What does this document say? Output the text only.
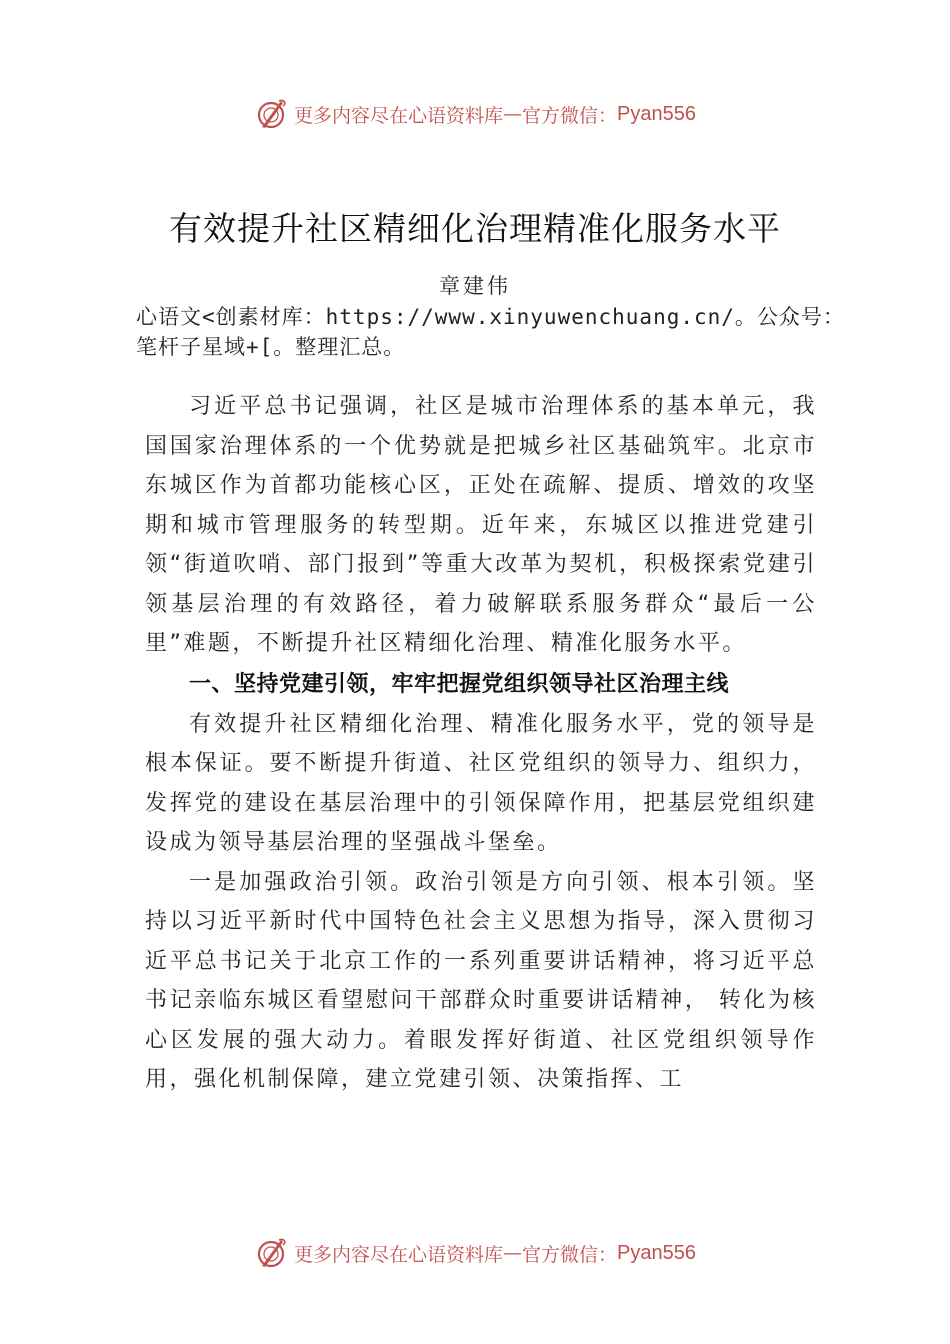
更多内容尽在心语资料库 — 官方微信： Pyan556
有效提升社区精细化治理精准化服务水平
章建伟
心语文<创素材库：https://www.xinyuwenchuang.cn/。公众号：笔杆子星域+[。整理汇总。

习近平总书记强调，社区是城市治理体系的基本单元，我国国家治理体系的一个优势就是把城乡社区基础筑牢。北京市东城区作为首都功能核心区，正处在疏解、提质、增效的攻坚期和城市管理服务的转型期。近年来，东城区以推进党建引领“街道吹哨、部门报到”等重大改革为契机，积极探索党建引领基层治理的有效路径，着力破解联系服务群众“最后一公里”难题，不断提升社区精细化治理、精准化服务水平。

一、坚持党建引领，牢牢把握党组织领导社区治理主线

有效提升社区精细化治理、精准化服务水平，党的领导是根本保证。要不断提升街道、社区党组织的领导力、组织力，发挥党的建设在基层治理中的引领保障作用，把基层党组织建设成为领导基层治理的坚强战斗堡垒。

一是加强政治引领。政治引领是方向引领、根本引领。坚持以习近平新时代中国特色社会主义思想为指导，深入贯彻习近平总书记关于北京工作的一系列重要讲话精神，将习近平总书记亲临东城区看望慰问干部群众时重要讲话精神， 转化为核心区发展的强大动力。着眼发挥好街道、社区党组织领导作用，强化机制保障，建立党建引领、决策指挥、工

更多内容尽在心语资料库 — 官方微信： Pyan556
